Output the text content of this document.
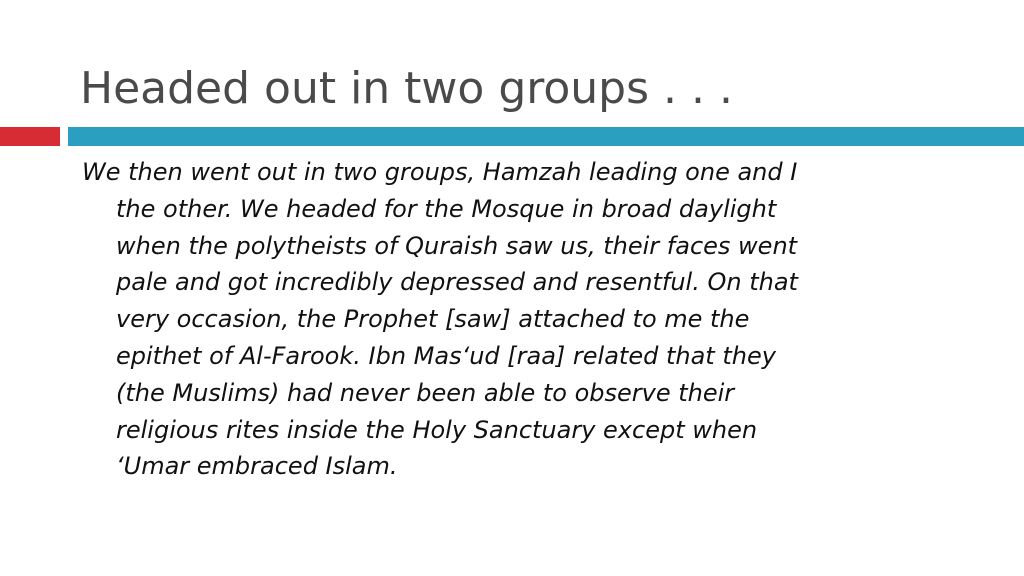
Headed out in two groups . . .

We then went out in two groups, Hamzah leading one and I
the other. We headed for the Mosque in broad daylight
when the polytheists of Quraish saw us, their faces went
pale and got incredibly depressed and resentful. On that
very occasion, the Prophet [saw] attached to me the
epithet of Al-Farook. Ibn Mas‘ud [raa] related that they
(the Muslims) had never been able to observe their
religious rites inside the Holy Sanctuary except when
‘Umar embraced Islam.
